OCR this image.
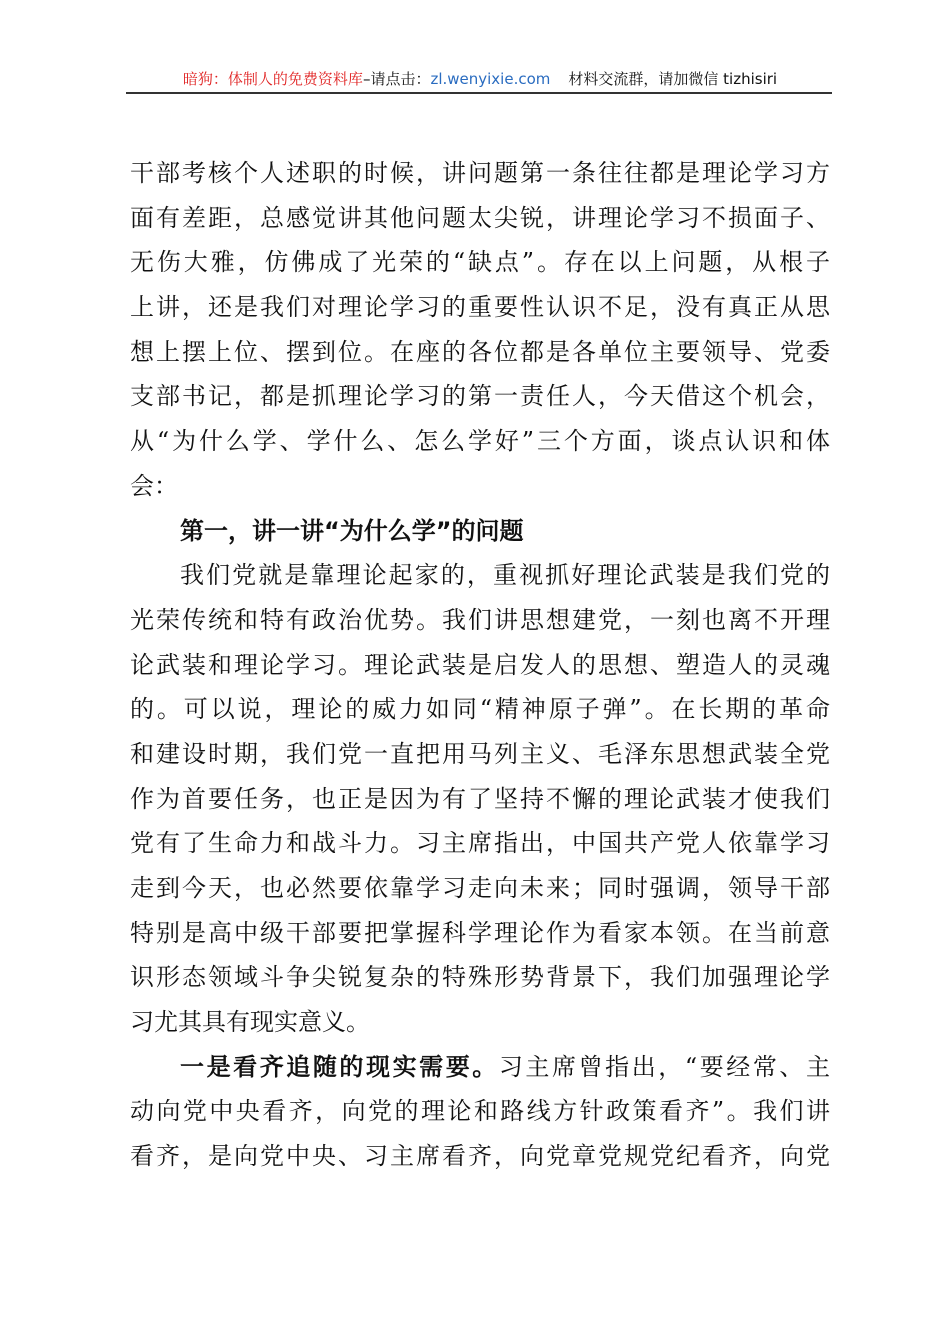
暗狗：体制人的免费资料库–请点击：zl.wenyixie.com 材料交流群，请加微信 tizhisiri
干部考核个人述职的时候，讲问题第一条往往都是理论学习方
面有差距，总感觉讲其他问题太尖锐，讲理论学习不损面子、
无伤大雅，仿佛成了光荣的“缺点”。存在以上问题，从根子
上讲，还是我们对理论学习的重要性认识不足，没有真正从思
想上摆上位、摆到位。在座的各位都是各单位主要领导、党委
支部书记，都是抓理论学习的第一责任人，今天借这个机会，
从“为什么学、学什么、怎么学好”三个方面，谈点认识和体
会：
第一，讲一讲“为什么学”的问题
我们党就是靠理论起家的，重视抓好理论武装是我们党的
光荣传统和特有政治优势。我们讲思想建党，一刻也离不开理
论武装和理论学习。理论武装是启发人的思想、塑造人的灵魂
的。可以说，理论的威力如同“精神原子弹”。在长期的革命
和建设时期，我们党一直把用马列主义、毛泽东思想武装全党
作为首要任务，也正是因为有了坚持不懈的理论武装才使我们
党有了生命力和战斗力。习主席指出，中国共产党人依靠学习
走到今天，也必然要依靠学习走向未来；同时强调，领导干部
特别是高中级干部要把掌握科学理论作为看家本领。在当前意
识形态领域斗争尖锐复杂的特殊形势背景下，我们加强理论学
习尤其具有现实意义。
一是看齐追随的现实需要。习主席曾指出，“要经常、主
动向党中央看齐，向党的理论和路线方针政策看齐”。我们讲
看齐，是向党中央、习主席看齐，向党章党规党纪看齐，向党
